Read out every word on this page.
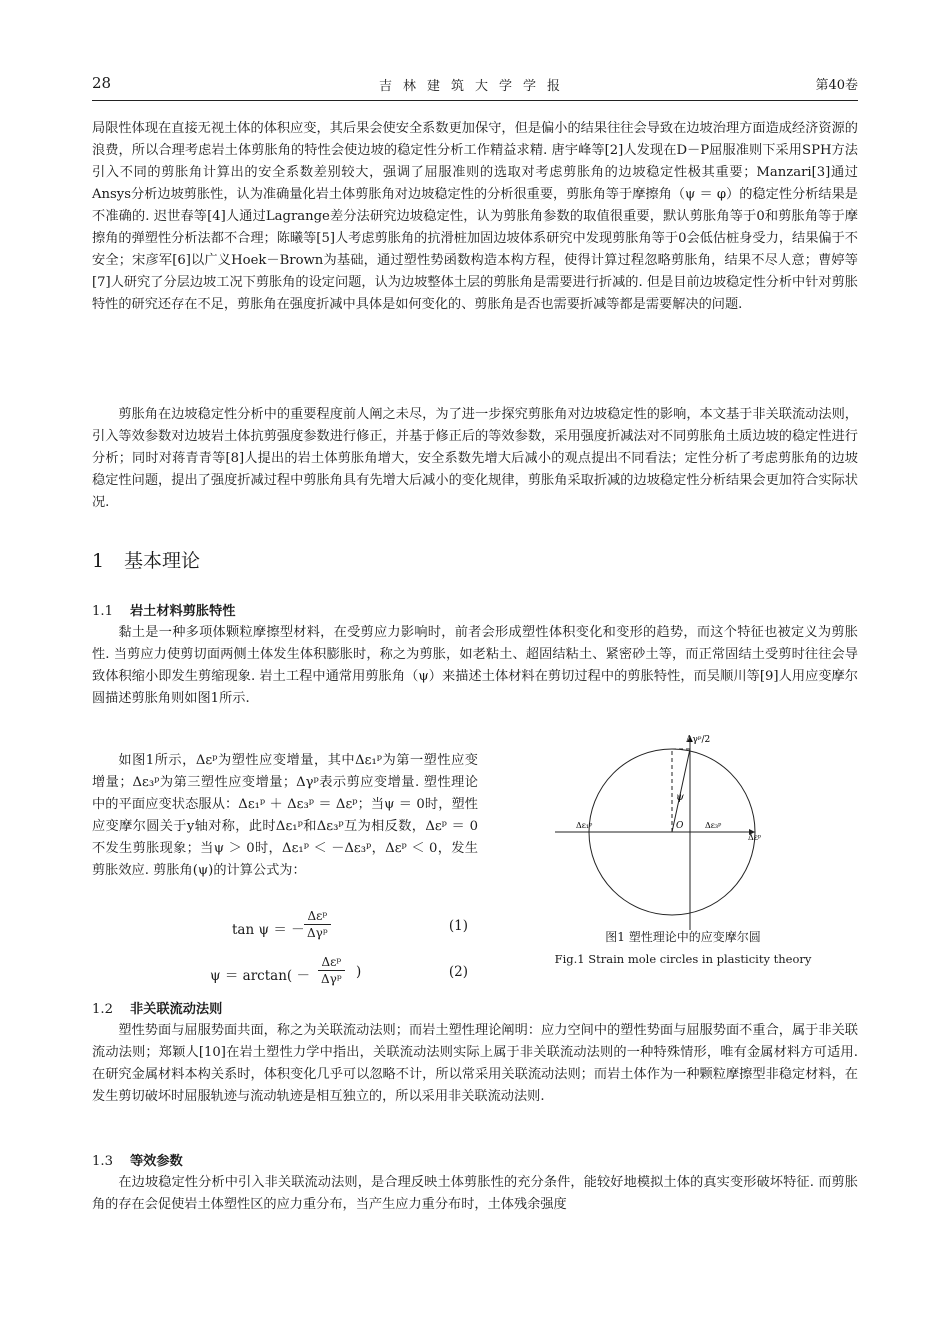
28	吉林建筑大学学报	第40卷

局限性体现在直接无视土体的体积应变，其后果会使安全系数更加保守，但是偏小的结果往往会导致在边坡治理方面造成经济资源的浪费，所以合理考虑岩土体剪胀角的特性会使边坡的稳定性分析工作精益求精. 唐宇峰等[2]人发现在D－P屈服准则下采用SPH方法引入不同的剪胀角计算出的安全系数差别较大，强调了屈服准则的选取对考虑剪胀角的边坡稳定性极其重要；Manzari[3]通过Ansys分析边坡剪胀性，认为准确量化岩土体剪胀角对边坡稳定性的分析很重要，剪胀角等于摩擦角（ψ ＝ φ）的稳定性分析结果是不准确的. 迟世春等[4]人通过Lagrange差分法研究边坡稳定性，认为剪胀角参数的取值很重要，默认剪胀角等于0和剪胀角等于摩擦角的弹塑性分析法都不合理；陈曦等[5]人考虑剪胀角的抗滑桩加固边坡体系研究中发现剪胀角等于0会低估桩身受力，结果偏于不安全；宋彦军[6]以广义Hoek－Brown为基础，通过塑性势函数构造本构方程，使得计算过程忽略剪胀角，结果不尽人意；曹婷等[7]人研究了分层边坡工况下剪胀角的设定问题，认为边坡整体土层的剪胀角是需要进行折减的. 但是目前边坡稳定性分析中针对剪胀特性的研究还存在不足，剪胀角在强度折减中具体是如何变化的、剪胀角是否也需要折减等都是需要解决的问题.

剪胀角在边坡稳定性分析中的重要程度前人阐之未尽，为了进一步探究剪胀角对边坡稳定性的影响，本文基于非关联流动法则，引入等效参数对边坡岩土体抗剪强度参数进行修正，并基于修正后的等效参数，采用强度折减法对不同剪胀角土质边坡的稳定性进行分析；同时对蒋青青等[8]人提出的岩土体剪胀角增大，安全系数先增大后减小的观点提出不同看法；定性分析了考虑剪胀角的边坡稳定性问题，提出了强度折减过程中剪胀角具有先增大后减小的变化规律，剪胀角采取折减的边坡稳定性分析结果会更加符合实际状况.

1 基本理论
1.1 岩土材料剪胀特性

黏土是一种多项体颗粒摩擦型材料，在受剪应力影响时，前者会形成塑性体积变化和变形的趋势，而这个特征也被定义为剪胀性. 当剪应力使剪切面两侧土体发生体积膨胀时，称之为剪胀，如老粘土、超固结粘土、紧密砂土等，而正常固结土受剪时往往会导致体积缩小即发生剪缩现象. 岩土工程中通常用剪胀角（ψ）来描述土体材料在剪切过程中的剪胀特性，而吴顺川等[9]人用应变摩尔圆描述剪胀角则如图1所示.

如图1所示，Δεᵖ为塑性应变增量，其中Δε₁ᵖ为第一塑性应变增量；Δε₃ᵖ为第三塑性应变增量；Δγᵖ表示剪应变增量. 塑性理论中的平面应变状态服从：Δε₁ᵖ ＋ Δε₃ᵖ ＝ Δεᵖ；当ψ ＝ 0时，塑性应变摩尔圆关于y轴对称，此时Δε₁ᵖ和Δε₃ᵖ互为相反数，Δεᵖ ＝ 0不发生剪胀现象；当ψ ＞ 0时，Δε₁ᵖ ＜ －Δε₃ᵖ，Δεᵖ ＜ 0，发生剪胀效应. 剪胀角(ψ)的计算公式为：

tan ψ ＝ －
Δεᵖ
Δγᵖ	(1)
ψ ＝ arctan( －
Δεᵖ
Δγᵖ )	(2)
Δγᵖ/2
ψ
O
Δε₁ᵖ	Δε₃ᵖ
Δεᵖ
图1 塑性理论中的应变摩尔圆
Fig.1 Strain mole circles in plasticity theory
1.2 非关联流动法则

塑性势面与屈服势面共面，称之为关联流动法则；而岩土塑性理论阐明：应力空间中的塑性势面与屈服势面不重合，属于非关联流动法则；郑颖人[10]在岩土塑性力学中指出，关联流动法则实际上属于非关联流动法则的一种特殊情形，唯有金属材料方可适用. 在研究金属材料本构关系时，体积变化几乎可以忽略不计，所以常采用关联流动法则；而岩土体作为一种颗粒摩擦型非稳定材料，在发生剪切破坏时屈服轨迹与流动轨迹是相互独立的，所以采用非关联流动法则.

1.3 等效参数

在边坡稳定性分析中引入非关联流动法则，是合理反映土体剪胀性的充分条件，能较好地模拟土体的真实变形破坏特征. 而剪胀角的存在会促使岩土体塑性区的应力重分布，当产生应力重分布时，土体残余强度
